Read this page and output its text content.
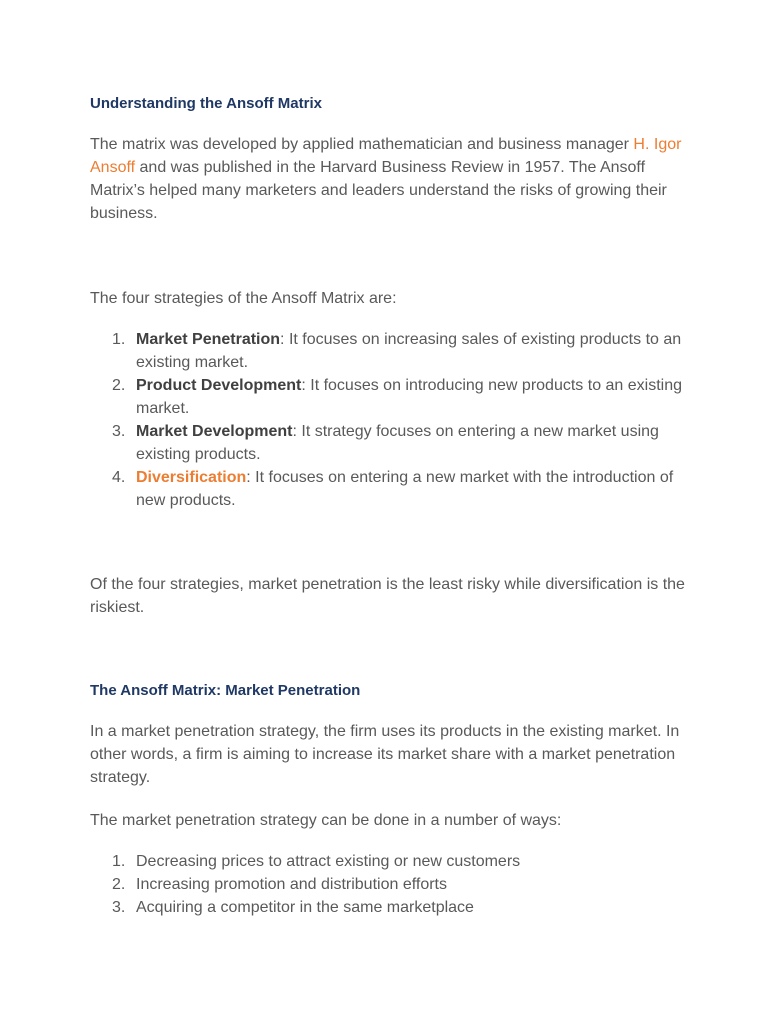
Understanding the Ansoff Matrix

The matrix was developed by applied mathematician and business manager H. Igor Ansoff and was published in the Harvard Business Review in 1957. The Ansoff Matrix’s helped many marketers and leaders understand the risks of growing their business.

The four strategies of the Ansoff Matrix are:

1. Market Penetration: It focuses on increasing sales of existing products to an existing market.
2. Product Development: It focuses on introducing new products to an existing market.
3. Market Development: It strategy focuses on entering a new market using existing products.
4. Diversification: It focuses on entering a new market with the introduction of new products.

Of the four strategies, market penetration is the least risky while diversification is the riskiest.

The Ansoff Matrix: Market Penetration

In a market penetration strategy, the firm uses its products in the existing market. In other words, a firm is aiming to increase its market share with a market penetration strategy.

The market penetration strategy can be done in a number of ways:

1. Decreasing prices to attract existing or new customers
2. Increasing promotion and distribution efforts
3. Acquiring a competitor in the same marketplace
